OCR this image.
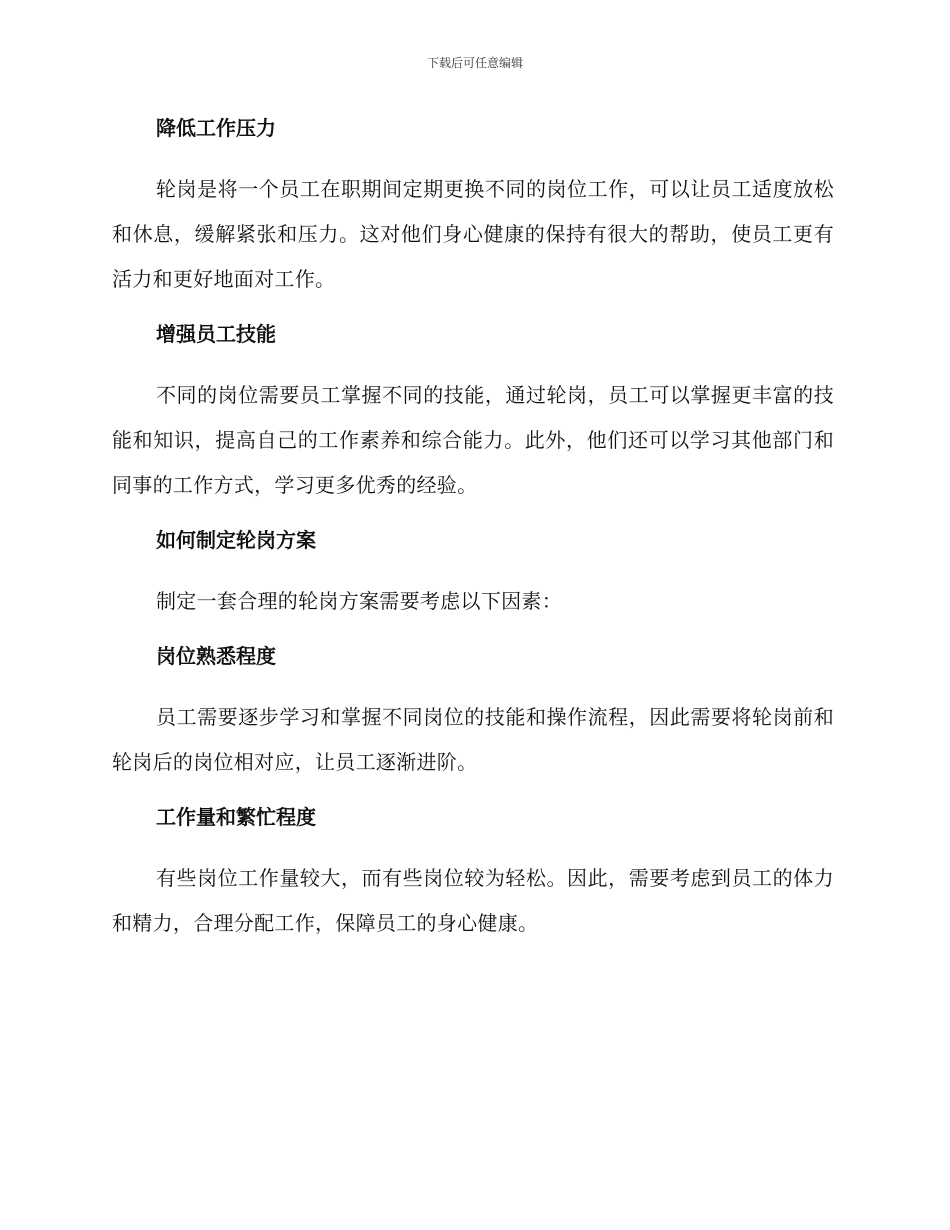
下载后可任意编辑
降低工作压力

轮岗是将一个员工在职期间定期更换不同的岗位工作，可以让员工适度放松和休息，缓解紧张和压力。这对他们身心健康的保持有很大的帮助，使员工更有活力和更好地面对工作。

增强员工技能

不同的岗位需要员工掌握不同的技能，通过轮岗，员工可以掌握更丰富的技能和知识，提高自己的工作素养和综合能力。此外，他们还可以学习其他部门和同事的工作方式，学习更多优秀的经验。

如何制定轮岗方案

制定一套合理的轮岗方案需要考虑以下因素：

岗位熟悉程度

员工需要逐步学习和掌握不同岗位的技能和操作流程，因此需要将轮岗前和轮岗后的岗位相对应，让员工逐渐进阶。

工作量和繁忙程度

有些岗位工作量较大，而有些岗位较为轻松。因此，需要考虑到员工的体力和精力，合理分配工作，保障员工的身心健康。
